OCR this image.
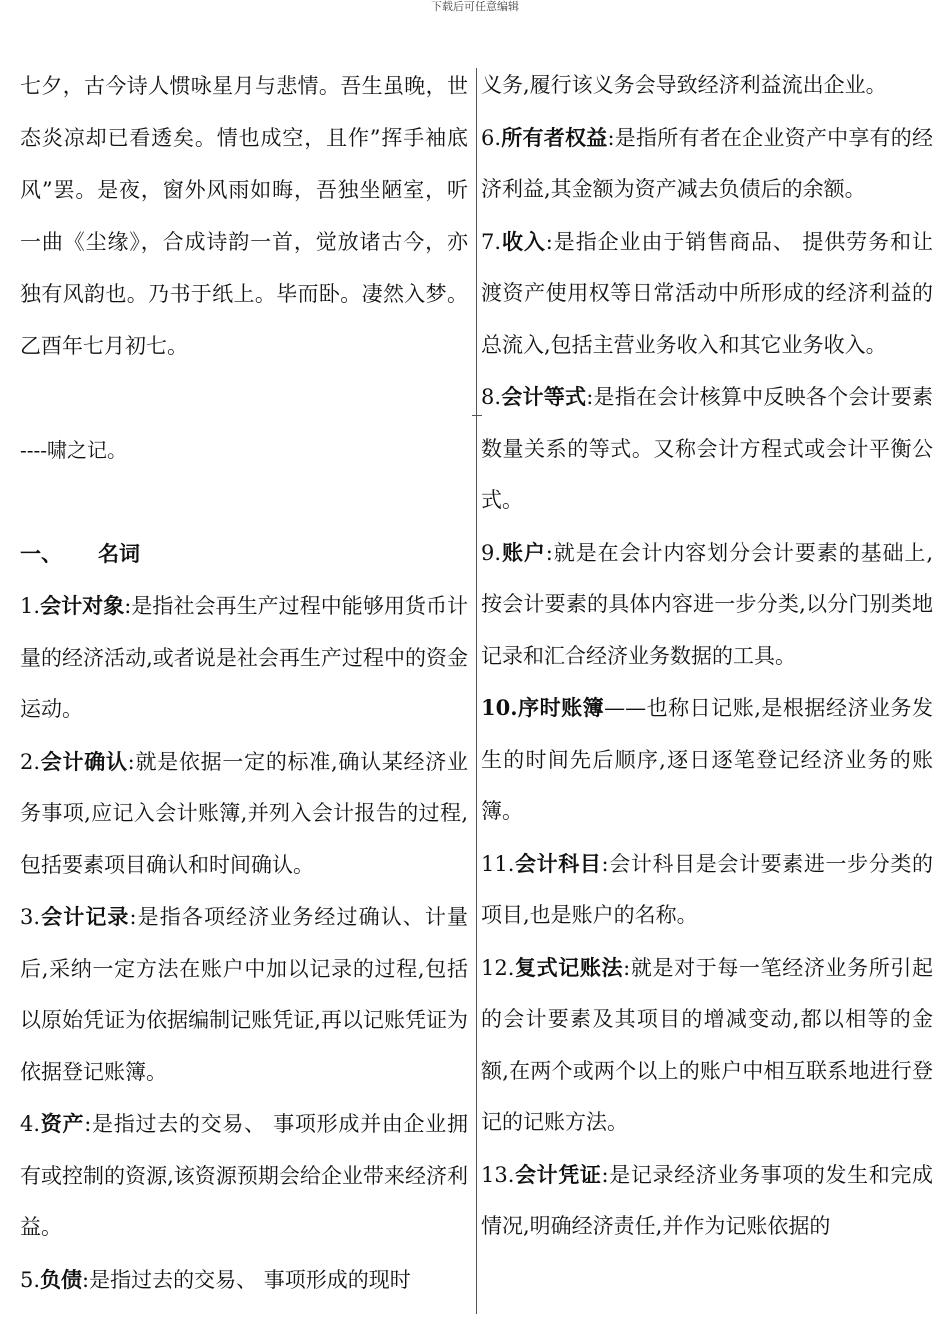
下载后可任意编辑

七夕，古今诗人惯咏星月与悲情。吾生虽晚，世态炎凉却已看透矣。情也成空，且作”挥手袖底风”罢。是夜，窗外风雨如晦，吾独坐陋室，听一曲《尘缘》，合成诗韵一首，觉放诸古今，亦独有风韵也。乃书于纸上。毕而卧。凄然入梦。乙酉年七月初七。

----啸之记。

一、 名词

1.会计对象:是指社会再生产过程中能够用货币计量的经济活动,或者说是社会再生产过程中的资金运动。

2.会计确认:就是依据一定的标准,确认某经济业务事项,应记入会计账簿,并列入会计报告的过程,包括要素项目确认和时间确认。

3.会计记录:是指各项经济业务经过确认、计量后,采纳一定方法在账户中加以记录的过程,包括以原始凭证为依据编制记账凭证,再以记账凭证为依据登记账簿。

4.资产:是指过去的交易、 事项形成并由企业拥有或控制的资源,该资源预期会给企业带来经济利益。

5.负债:是指过去的交易、 事项形成的现时

义务,履行该义务会导致经济利益流出企业。

6.所有者权益:是指所有者在企业资产中享有的经济利益,其金额为资产减去负债后的余额。

7.收入:是指企业由于销售商品、 提供劳务和让渡资产使用权等日常活动中所形成的经济利益的总流入,包括主营业务收入和其它业务收入。

8.会计等式:是指在会计核算中反映各个会计要素数量关系的等式。又称会计方程式或会计平衡公式。

9.账户:就是在会计内容划分会计要素的基础上,按会计要素的具体内容进一步分类,以分门别类地记录和汇合经济业务数据的工具。

10.序时账簿——也称日记账,是根据经济业务发生的时间先后顺序,逐日逐笔登记经济业务的账簿。

11.会计科目:会计科目是会计要素进一步分类的项目,也是账户的名称。

12.复式记账法:就是对于每一笔经济业务所引起的会计要素及其项目的增减变动,都以相等的金额,在两个或两个以上的账户中相互联系地进行登记的记账方法。

13.会计凭证:是记录经济业务事项的发生和完成情况,明确经济责任,并作为记账依据的
